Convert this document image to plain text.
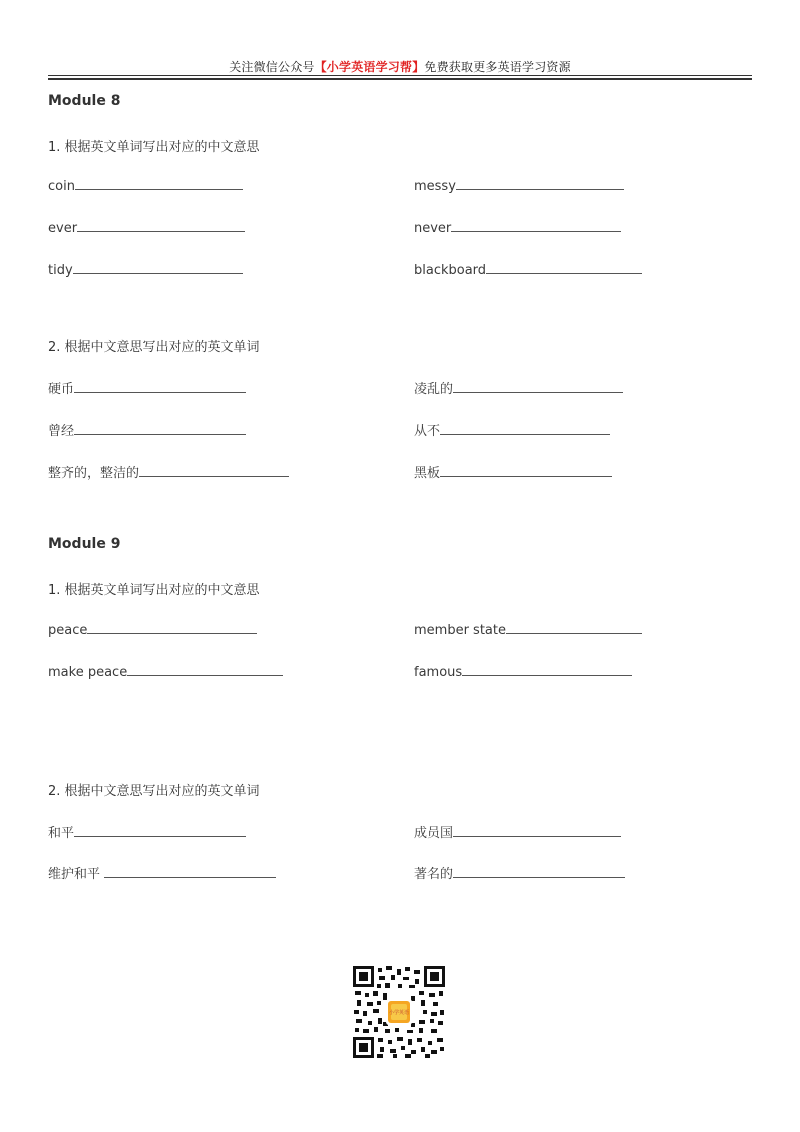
关注微信公众号【小学英语学习帮】免费获取更多英语学习资源
Module 8
1. 根据英文单词写出对应的中文意思
coin	messy
ever	never
tidy	blackboard
2. 根据中文意思写出对应的英文单词
硬币	凌乱的
曾经	从不
整齐的，整洁的	黑板
Module 9
1. 根据英文单词写出对应的中文意思
peace	member state
make peace	famous
2. 根据中文意思写出对应的英文单词
和平	成员国
维护和平	著名的
小学英语
